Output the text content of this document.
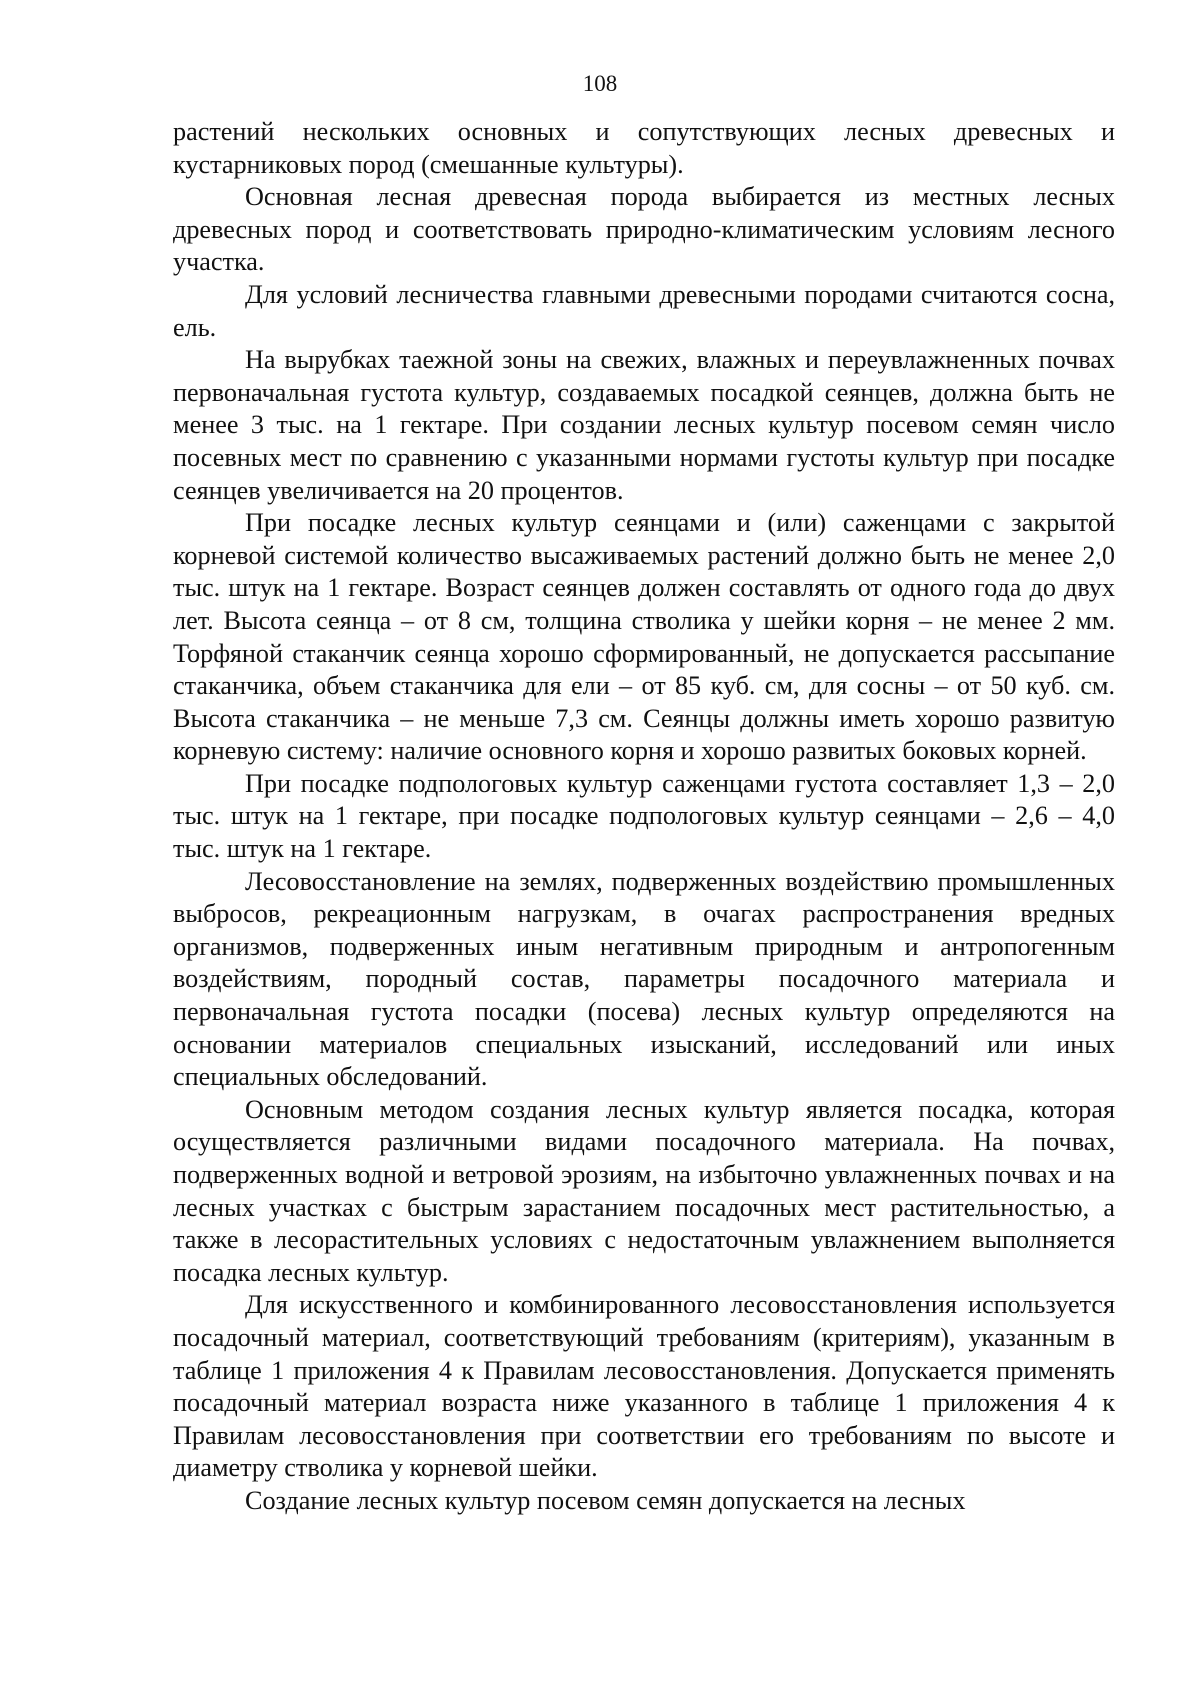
108

растений нескольких основных и сопутствующих лесных древесных и кустарниковых пород (смешанные культуры).

Основная лесная древесная порода выбирается из местных лесных древесных пород и соответствовать природно-климатическим условиям лесного участка.

Для условий лесничества главными древесными породами считаются сосна, ель.

На вырубках таежной зоны на свежих, влажных и переувлажненных почвах первоначальная густота культур, создаваемых посадкой сеянцев, должна быть не менее 3 тыс. на 1 гектаре. При создании лесных культур посевом семян число посевных мест по сравнению с указанными нормами густоты культур при посадке сеянцев увеличивается на 20 процентов.

При посадке лесных культур сеянцами и (или) саженцами с закрытой корневой системой количество высаживаемых растений должно быть не менее 2,0 тыс. штук на 1 гектаре. Возраст сеянцев должен составлять от одного года до двух лет. Высота сеянца – от 8 см, толщина стволика у шейки корня – не менее 2 мм. Торфяной стаканчик сеянца хорошо сформированный, не допускается рассыпание стаканчика, объем стаканчика для ели – от 85 куб. см, для сосны – от 50 куб. см. Высота стаканчика – не меньше 7,3 см. Сеянцы должны иметь хорошо развитую корневую систему: наличие основного корня и хорошо развитых боковых корней.

При посадке подпологовых культур саженцами густота составляет 1,3 – 2,0 тыс. штук на 1 гектаре, при посадке подпологовых культур сеянцами – 2,6 – 4,0 тыс. штук на 1 гектаре.

Лесовосстановление на землях, подверженных воздействию промышленных выбросов, рекреационным нагрузкам, в очагах распространения вредных организмов, подверженных иным негативным природным и антропогенным воздействиям, породный состав, параметры посадочного материала и первоначальная густота посадки (посева) лесных культур определяются на основании материалов специальных изысканий, исследований или иных специальных обследований.

Основным методом создания лесных культур является посадка, которая осуществляется различными видами посадочного материала. На почвах, подверженных водной и ветровой эрозиям, на избыточно увлажненных почвах и на лесных участках с быстрым зарастанием посадочных мест растительностью, а также в лесорастительных условиях с недостаточным увлажнением выполняется посадка лесных культур.

Для искусственного и комбинированного лесовосстановления используется посадочный материал, соответствующий требованиям (критериям), указанным в таблице 1 приложения 4 к Правилам лесовосстановления. Допускается применять посадочный материал возраста ниже указанного в таблице 1 приложения 4 к Правилам лесовосстановления при соответствии его требованиям по высоте и диаметру стволика у корневой шейки.

Создание лесных культур посевом семян допускается на лесных
